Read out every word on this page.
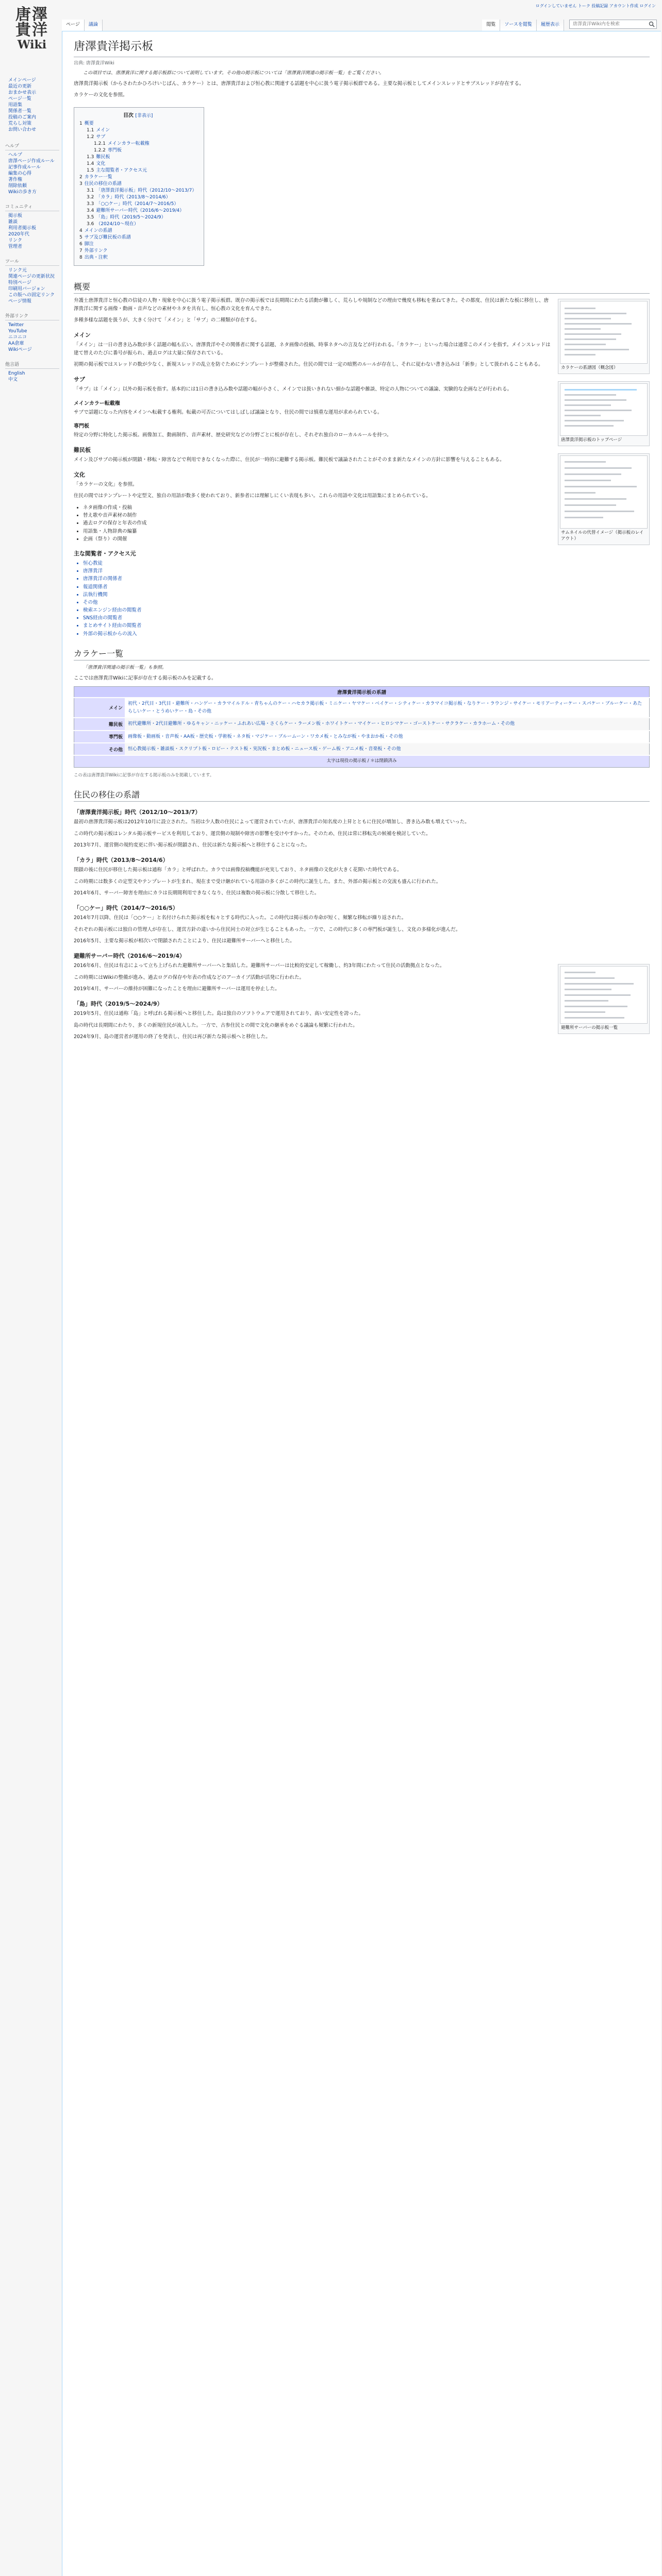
唐澤
貴洋
Wiki
メインページ
最近の更新
おまかせ表示
ページ一覧
用語集
関係者一覧
投稿のご案内
荒らし対策
お問い合わせ
ヘルプ
ヘルプ
唐澤ページ作成ルール
記事作成ルール
編集の心得
著作権
削除依頼
Wikiの歩き方
コミュニティ
掲示板
雑談
利用者掲示板
2020年代
リンク
管理者
ツール
リンク元
関連ページの更新状況
特別ページ
印刷用バージョン
この版への固定リンク
ページ情報
外部リンク
Twitter
YouTube
ニコニコ
AA倉庫
Wikiページ
他言語
English
中文
ログインしていません トーク 投稿記録 アカウント作成 ログイン
ページ	議論	閲覧	ソースを閲覧	履歴表示
唐澤貴洋Wiki内を検索
唐澤貴洋掲示板
出典: 唐澤貴洋Wiki
この項目では、唐澤貴洋に関する掲示板群について説明しています。その他の掲示板については「唐澤貴洋関連の掲示板一覧」をご覧ください。

唐澤貴洋掲示板（からさわたかひろけいじばん、カラケー）とは、唐澤貴洋および恒心教に関連する話題を中心に扱う電子掲示板群である。主要な掲示板としてメインスレッドとサブスレッドが存在する。

カラケーの文化を参照。

目次 [非表示]
1 概要
1.1 メイン
1.2 サブ
1.2.1 メインカラー転載権
1.2.2 専門板
1.3 難民板
1.4 文化
1.5 主な閲覧者・アクセス元
2 カラケー一覧
3 住民の移住の系譜
3.1 「唐澤貴洋掲示板」時代（2012/10〜2013/7）
3.2 「カラ」時代（2013/8〜2014/6）
3.3 「○○ケー」時代（2014/7〜2016/5）
3.4 避難所サーバー時代（2016/6〜2019/4）
3.5 「島」時代（2019/5〜2024/9）
3.6 （2024/10〜現在）
4 メインの系譜
5 サブ及び難民板の系譜
6 脚注
7 外部リンク
8 出典・注釈
概要
カラケーの系譜図（概念図）

弁護士唐澤貴洋と恒心教の信徒の人物・現象を中心に扱う電子掲示板群。既存の掲示板では長期間にわたる活動が難しく、荒らしや規制などの理由で幾度も移転を重ねてきた。その都度、住民は新たな板に移住し、唐澤貴洋に関する画像・動画・音声などの素材やネタを共有し、恒心教の文化を育んできた。

多種多様な話題を扱うが、大きく分けて「メイン」と「サブ」の二種類が存在する。

メイン
唐澤貴洋掲示板のトップページ

「メイン」は一日の書き込み数が多く話題の幅も広い。唐澤貴洋やその関係者に関する話題、ネタ画像の投稿、時事ネタへの言及などが行われる。「カラケー」といった場合は通常このメインを指す。メインスレッドは建て替えのたびに番号が振られ、過去ログは大量に保存されている。

初期の掲示板ではスレッドの数が少なく、新規スレッドの乱立を防ぐためにテンプレートが整備された。住民の間では一定の暗黙のルールが存在し、それに従わない書き込みは「新参」として扱われることもある。

サブ
サムネイルの代替イメージ（掲示板のレイアウト）

「サブ」は「メイン」以外の掲示板を指す。基本的には1日の書き込み数や話題の幅が小さく、メインでは扱いきれない細かな話題や雑談、特定の人物についての議論、実験的な企画などが行われる。

メインカラー転載権

サブで話題になった内容をメインへ転載する権利。転載の可否についてはしばしば議論となり、住民の間では慎重な運用が求められている。

専門板

特定の分野に特化した掲示板。画像加工、動画制作、音声素材、歴史研究などの分野ごとに板が存在し、それぞれ独自のローカルルールを持つ。

難民板

メイン及びサブの掲示板が閉鎖・移転・障害などで利用できなくなった際に、住民が一時的に避難する掲示板。難民板で議論されたことがそのまま新たなメインの方針に影響を与えることもある。

文化

「カラケーの文化」を参照。

住民の間ではテンプレートや定型文、独自の用語が数多く使われており、新参者には理解しにくい表現も多い。これらの用語や文化は用語集にまとめられている。

• ネタ画像の作成・投稿
• 替え歌や音声素材の制作
• 過去ログの保存と年表の作成
• 用語集・人物辞典の編纂
• 企画（祭り）の開催
主な閲覧者・アクセス元
• 恒心教徒
• 唐澤貴洋
• 唐澤貴洋の関係者
• 報道関係者
• 法執行機関
• その他
• 検索エンジン経由の閲覧者
• SNS経由の閲覧者
• まとめサイト経由の閲覧者
• 外部の掲示板からの流入
カラケー一覧
「唐澤貴洋関連の掲示板一覧」も参照。

ここでは唐澤貴洋Wikiに記事が存在する掲示板のみを記載する。

唐澤貴洋掲示板の系譜	
メイン	初代・2代目・3代目・避難所・ハンゲー・カラマイルドル・青ちゃんのケー・ハセカラ掲示板・ミニケー・ヤマケー・ベイケー・シティケー・カラマイコ掲示板・なりケー・ラウンジ・サイケー・モリアーティーケー・スパケー・ブルーケー・あたらしいケー・とうめいケー・島・その他
難民板	初代避難所・2代目避難所・ゆるキャン・ニッケー・ふれあい広場・さくらケー・ラーメン板・ホワイトケー・マイケー・ヒロシマケー・ゴーストケー・サクラケー・カラホーム・その他
専門板	画像板・動画板・音声板・AA板・歴史板・学術板・ネタ板・マジケー・ブルームーン・ワカメ板・とみなが板・やまおか板・その他
その他	恒心教掲示板・雑談板・スクリプト板・ロビー・テスト板・実況板・まとめ板・ニュース板・ゲーム板・アニメ板・音楽板・その他
太字は現役の掲示板 / ＊は閉鎖済み	

この表は唐澤貴洋Wikiに記事が存在する掲示板のみを掲載しています。

住民の移住の系譜
「唐澤貴洋掲示板」時代（2012/10〜2013/7）

最初の唐澤貴洋掲示板は2012年10月に設立された。当初は少人数の住民によって運営されていたが、唐澤貴洋の知名度の上昇とともに住民が増加し、書き込み数も増えていった。

この時代の掲示板はレンタル掲示板サービスを利用しており、運営側の規制や障害の影響を受けやすかった。そのため、住民は常に移転先の候補を検討していた。

2013年7月、運営側の規約変更に伴い掲示板が閉鎖され、住民は新たな掲示板へと移住することになった。

「カラ」時代（2013/8〜2014/6）

閉鎖の後に住民が移住した掲示板は通称「カラ」と呼ばれた。カラでは画像投稿機能が充実しており、ネタ画像の文化が大きく花開いた時代である。

この時期には数多くの定型文やテンプレートが生まれ、現在まで受け継がれている用語の多くがこの時代に誕生した。また、外部の掲示板との交流も盛んに行われた。

2014年6月、サーバー障害を理由にカラは長期間利用できなくなり、住民は複数の掲示板に分散して移住した。

「○○ケー」時代（2014/7〜2016/5）

2014年7月以降、住民は「○○ケー」と名付けられた掲示板を転々とする時代に入った。この時代は掲示板の寿命が短く、頻繁な移転が繰り返された。

それぞれの掲示板には独自の管理人が存在し、運営方針の違いから住民同士の対立が生じることもあった。一方で、この時代に多くの専門板が誕生し、文化の多様化が進んだ。

2016年5月、主要な掲示板が相次いで閉鎖されたことにより、住民は避難所サーバーへと移住した。

避難所サーバー時代（2016/6〜2019/4）
避難所サーバーの掲示板一覧

2016年6月、住民は有志によって立ち上げられた避難所サーバーへと集結した。避難所サーバーは比較的安定して稼働し、約3年間にわたって住民の活動拠点となった。

この時期にはWikiの整備が進み、過去ログの保存や年表の作成などのアーカイブ活動が活発に行われた。

2019年4月、サーバーの維持が困難になったことを理由に避難所サーバーは運用を停止した。

「島」時代（2019/5〜2024/9）

2019年5月、住民は通称「島」と呼ばれる掲示板へと移住した。島は独自のソフトウェアで運用されており、高い安定性を誇った。

島の時代は長期間にわたり、多くの新規住民が流入した。一方で、古参住民との間で文化の継承をめぐる議論も頻繁に行われた。

2024年9月、島の運営者が運用の終了を発表し、住民は再び新たな掲示板へと移住した。
